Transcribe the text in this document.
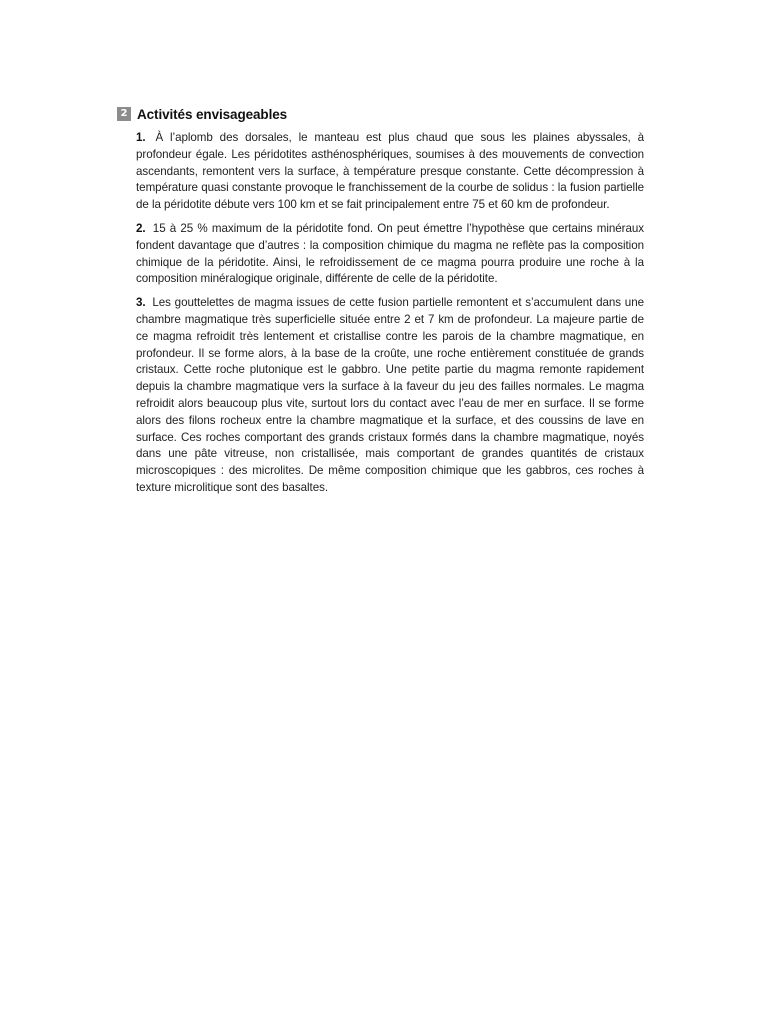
2 Activités envisageables

1. À l’aplomb des dorsales, le manteau est plus chaud que sous les plaines abyssales, à profondeur égale. Les péridotites asthénosphériques, soumises à des mouvements de convection ascendants, remontent vers la surface, à température presque constante. Cette décompression à température quasi constante provoque le franchissement de la courbe de solidus : la fusion partielle de la péridotite débute vers 100 km et se fait principalement entre 75 et 60 km de profondeur.

2. 15 à 25 % maximum de la péridotite fond. On peut émettre l’hypothèse que certains minéraux fondent davantage que d’autres : la composition chimique du magma ne reflète pas la composition chimique de la péridotite. Ainsi, le refroidissement de ce magma pourra produire une roche à la composition minéralogique originale, différente de celle de la péridotite.

3. Les gouttelettes de magma issues de cette fusion partielle remontent et s’accumulent dans une chambre magmatique très superficielle située entre 2 et 7 km de profondeur. La majeure partie de ce magma refroidit très lentement et cristallise contre les parois de la chambre magmatique, en profondeur. Il se forme alors, à la base de la croûte, une roche entièrement constituée de grands cristaux. Cette roche plutonique est le gabbro. Une petite partie du magma remonte rapidement depuis la chambre magmatique vers la surface à la faveur du jeu des failles normales. Le magma refroidit alors beaucoup plus vite, surtout lors du contact avec l’eau de mer en surface. Il se forme alors des filons rocheux entre la chambre magmatique et la surface, et des coussins de lave en surface. Ces roches comportant des grands cristaux formés dans la chambre magmatique, noyés dans une pâte vitreuse, non cristallisée, mais comportant de grandes quantités de cristaux microscopiques : des microlites. De même composition chimique que les gabbros, ces roches à texture microlitique sont des basaltes.
